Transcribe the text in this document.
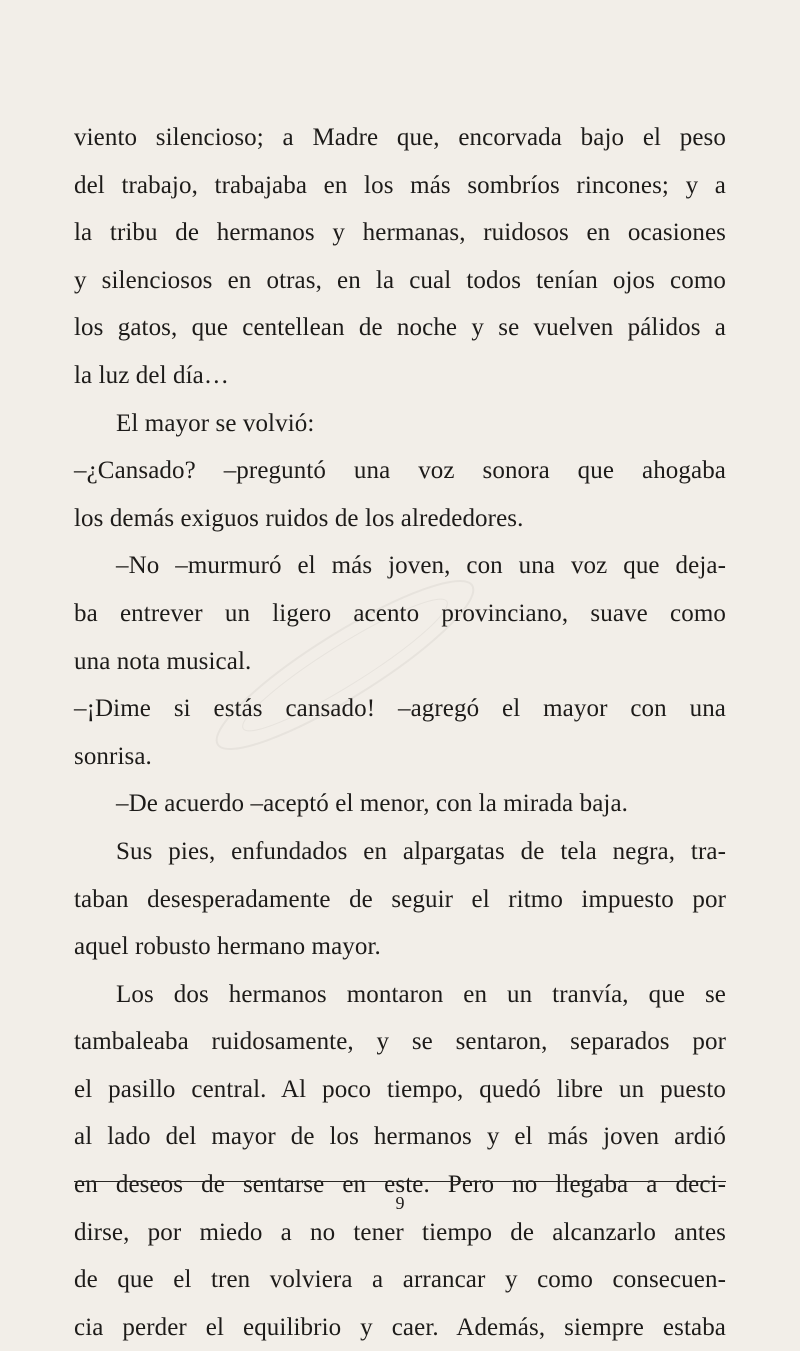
viento silencioso; a Madre que, encorvada bajo el peso
del trabajo, trabajaba en los más sombríos rincones; y a
la tribu de hermanos y hermanas, ruidosos en ocasiones
y silenciosos en otras, en la cual todos tenían ojos como
los gatos, que centellean de noche y se vuelven pálidos a
la luz del día…
El mayor se volvió:
–¿Cansado? –preguntó una voz sonora que ahogaba
los demás exiguos ruidos de los alrededores.
–No –murmuró el más joven, con una voz que deja-
ba entrever un ligero acento provinciano, suave como
una nota musical.
–¡Dime si estás cansado! –agregó el mayor con una
sonrisa.
–De acuerdo –aceptó el menor, con la mirada baja.
Sus pies, enfundados en alpargatas de tela negra, tra-
taban desesperadamente de seguir el ritmo impuesto por
aquel robusto hermano mayor.
Los dos hermanos montaron en un tranvía, que se
tambaleaba ruidosamente, y se sentaron, separados por
el pasillo central. Al poco tiempo, quedó libre un puesto
al lado del mayor de los hermanos y el más joven ardió
en deseos de sentarse en este. Pero no llegaba a deci-
dirse, por miedo a no tener tiempo de alcanzarlo antes
de que el tren volviera a arrancar y como consecuen-
cia perder el equilibrio y caer. Además, siempre estaba
9
